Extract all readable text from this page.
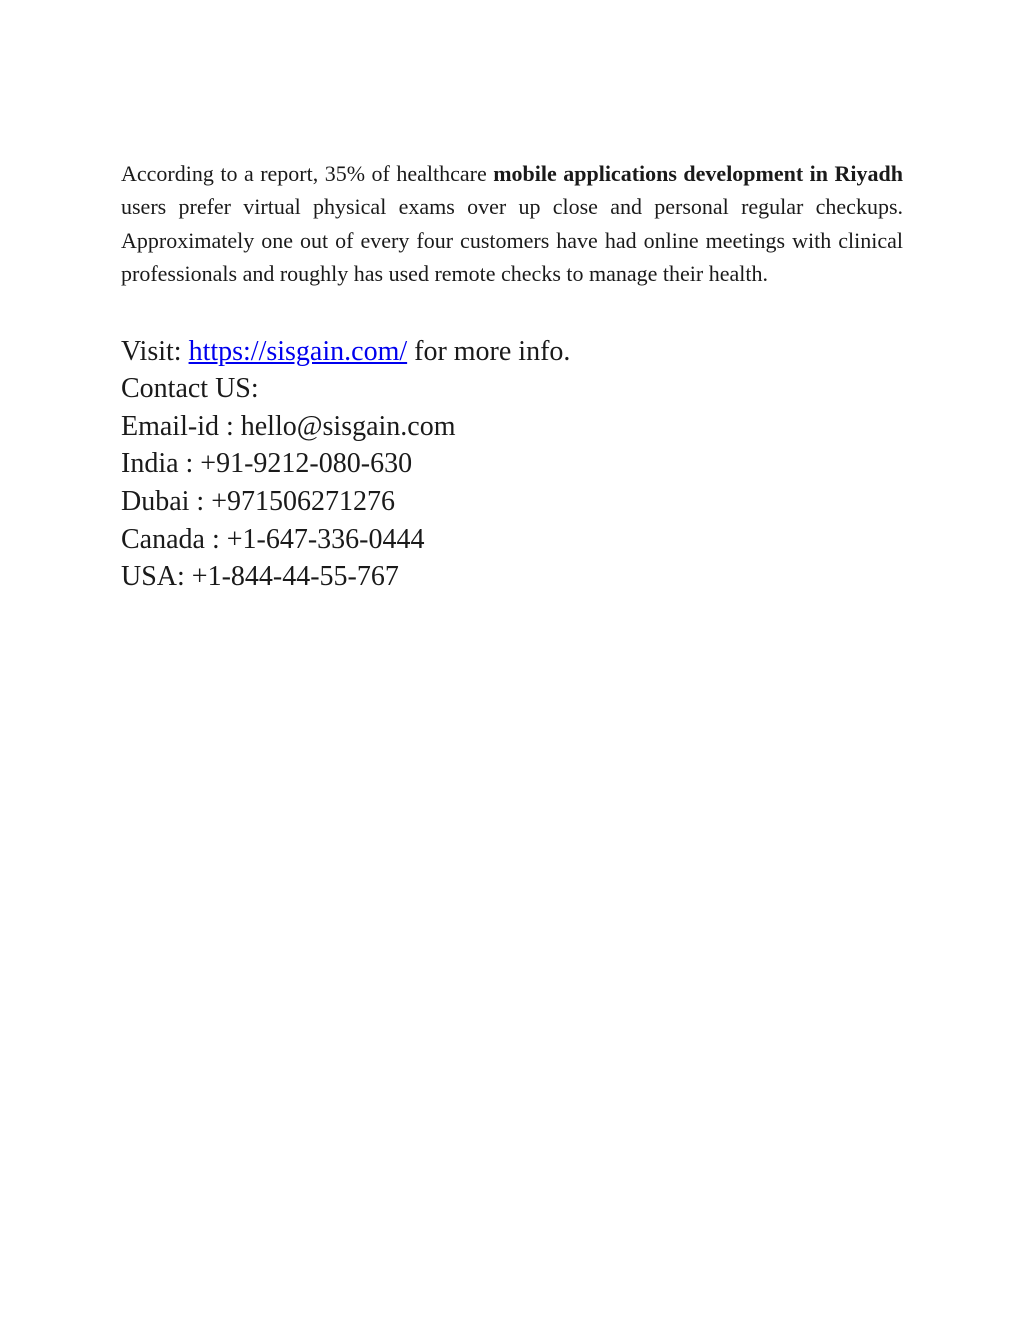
According to a report, 35% of healthcare mobile applications development in Riyadh users prefer virtual physical exams over up close and personal regular checkups. Approximately one out of every four customers have had online meetings with clinical professionals and roughly has used remote checks to manage their health.

Visit: https://sisgain.com/ for more info.
Contact US:
Email-id : hello@sisgain.com
India : +91-9212-080-630
Dubai : +971506271276
Canada : +1-647-336-0444
USA: +1-844-44-55-767
